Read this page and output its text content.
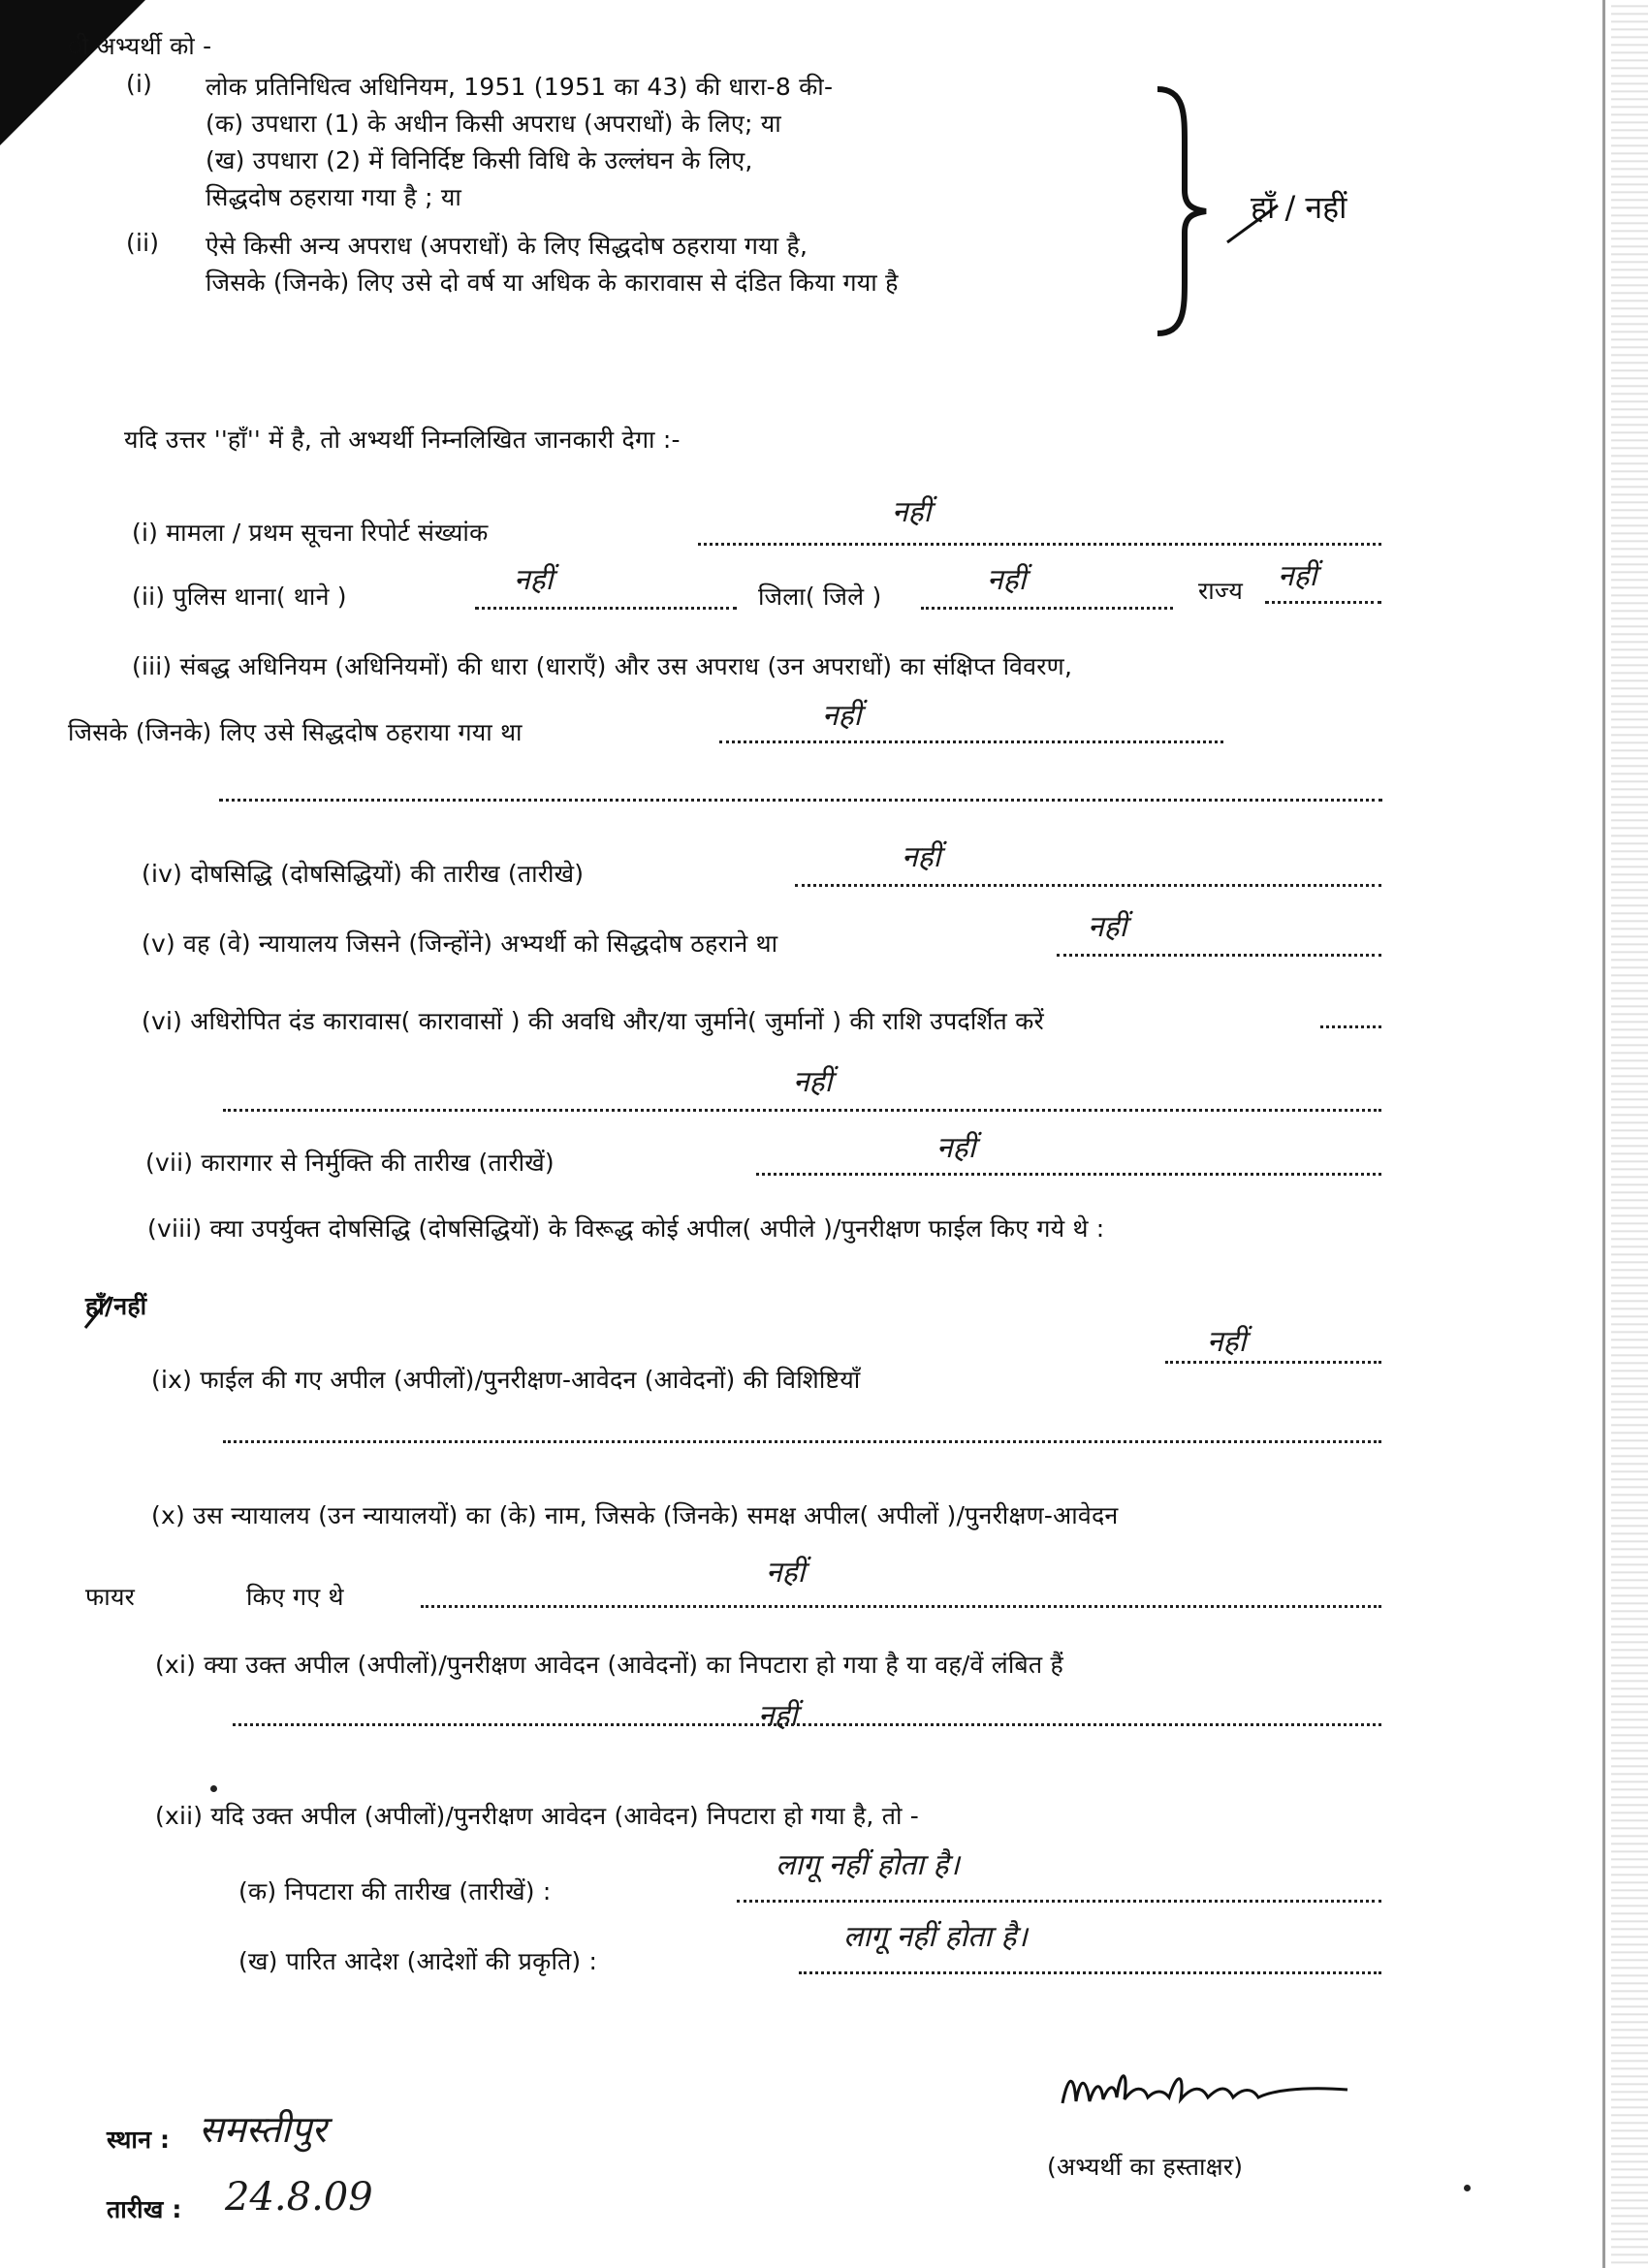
ी अभ्यर्थी को -
(i) लोक प्रतिनिधित्व अधिनियम, 1951 (1951 का 43) की धारा-8 की-
(क) उपधारा (1) के अधीन किसी अपराध (अपराधों) के लिए; या
(ख) उपधारा (2) में विनिर्दिष्ट किसी विधि के उल्लंघन के लिए,
सिद्धदोष ठहराया गया है ; या
(ii) ऐसे किसी अन्य अपराध (अपराधों) के लिए सिद्धदोष ठहराया गया है,
जिसके (जिनके) लिए उसे दो वर्ष या अधिक के कारावास से दंडित किया गया है
हाँ / नहीं
यदि उत्तर ''हाँ'' में है, तो अभ्यर्थी निम्नलिखित जानकारी देगा :-
(i) मामला / प्रथम सूचना रिपोर्ट संख्यांक
नहीं
(ii) पुलिस थाना( थाने )	नहीं	जिला( जिले )	नहीं	राज्य नहीं
(iii) संबद्ध अधिनियम (अधिनियमों) की धारा (धाराएँ) और उस अपराध (उन अपराधों) का संक्षिप्त विवरण,
जिसके (जिनके) लिए उसे सिद्धदोष ठहराया गया था	नहीं
(iv) दोषसिद्धि (दोषसिद्धियों) की तारीख (तारीखे)	नहीं
(v) वह (वे) न्यायालय जिसने (जिन्होंने) अभ्यर्थी को सिद्धदोष ठहराने था	नहीं
(vi) अधिरोपित दंड कारावास( कारावासों ) की अवधि और/या जुर्माने( जुर्मानों ) की राशि उपदर्शित करें
नहीं
(vii) कारागार से निर्मुक्ति की तारीख (तारीखें)	नहीं
(viii) क्या उपर्युक्त दोषसिद्धि (दोषसिद्धियों) के विरूद्ध कोई अपील( अपीले )/पुनरीक्षण फाईल किए गये थे :
हाँ/नहीं
(ix) फाईल की गए अपील (अपीलों)/पुनरीक्षण-आवेदन (आवेदनों) की विशिष्टियाँ
नहीं
(x) उस न्यायालय (उन न्यायालयों) का (के) नाम, जिसके (जिनके) समक्ष अपील( अपीलों )/पुनरीक्षण-आवेदन
फायर	किए गए थे
नहीं
(xi) क्या उक्त अपील (अपीलों)/पुनरीक्षण आवेदन (आवेदनों) का निपटारा हो गया है या वह/वें लंबित हैं
नहीं
(xii) यदि उक्त अपील (अपीलों)/पुनरीक्षण आवेदन (आवेदन) निपटारा हो गया है, तो -
(क) निपटारा की तारीख (तारीखें) :
लागू नहीं होता है।
(ख) पारित आदेश (आदेशों की प्रकृति) :
लागू नहीं होता है।
स्थान : समस्तीपुर
तारीख : 24.8.09
(अभ्यर्थी का हस्ताक्षर)
